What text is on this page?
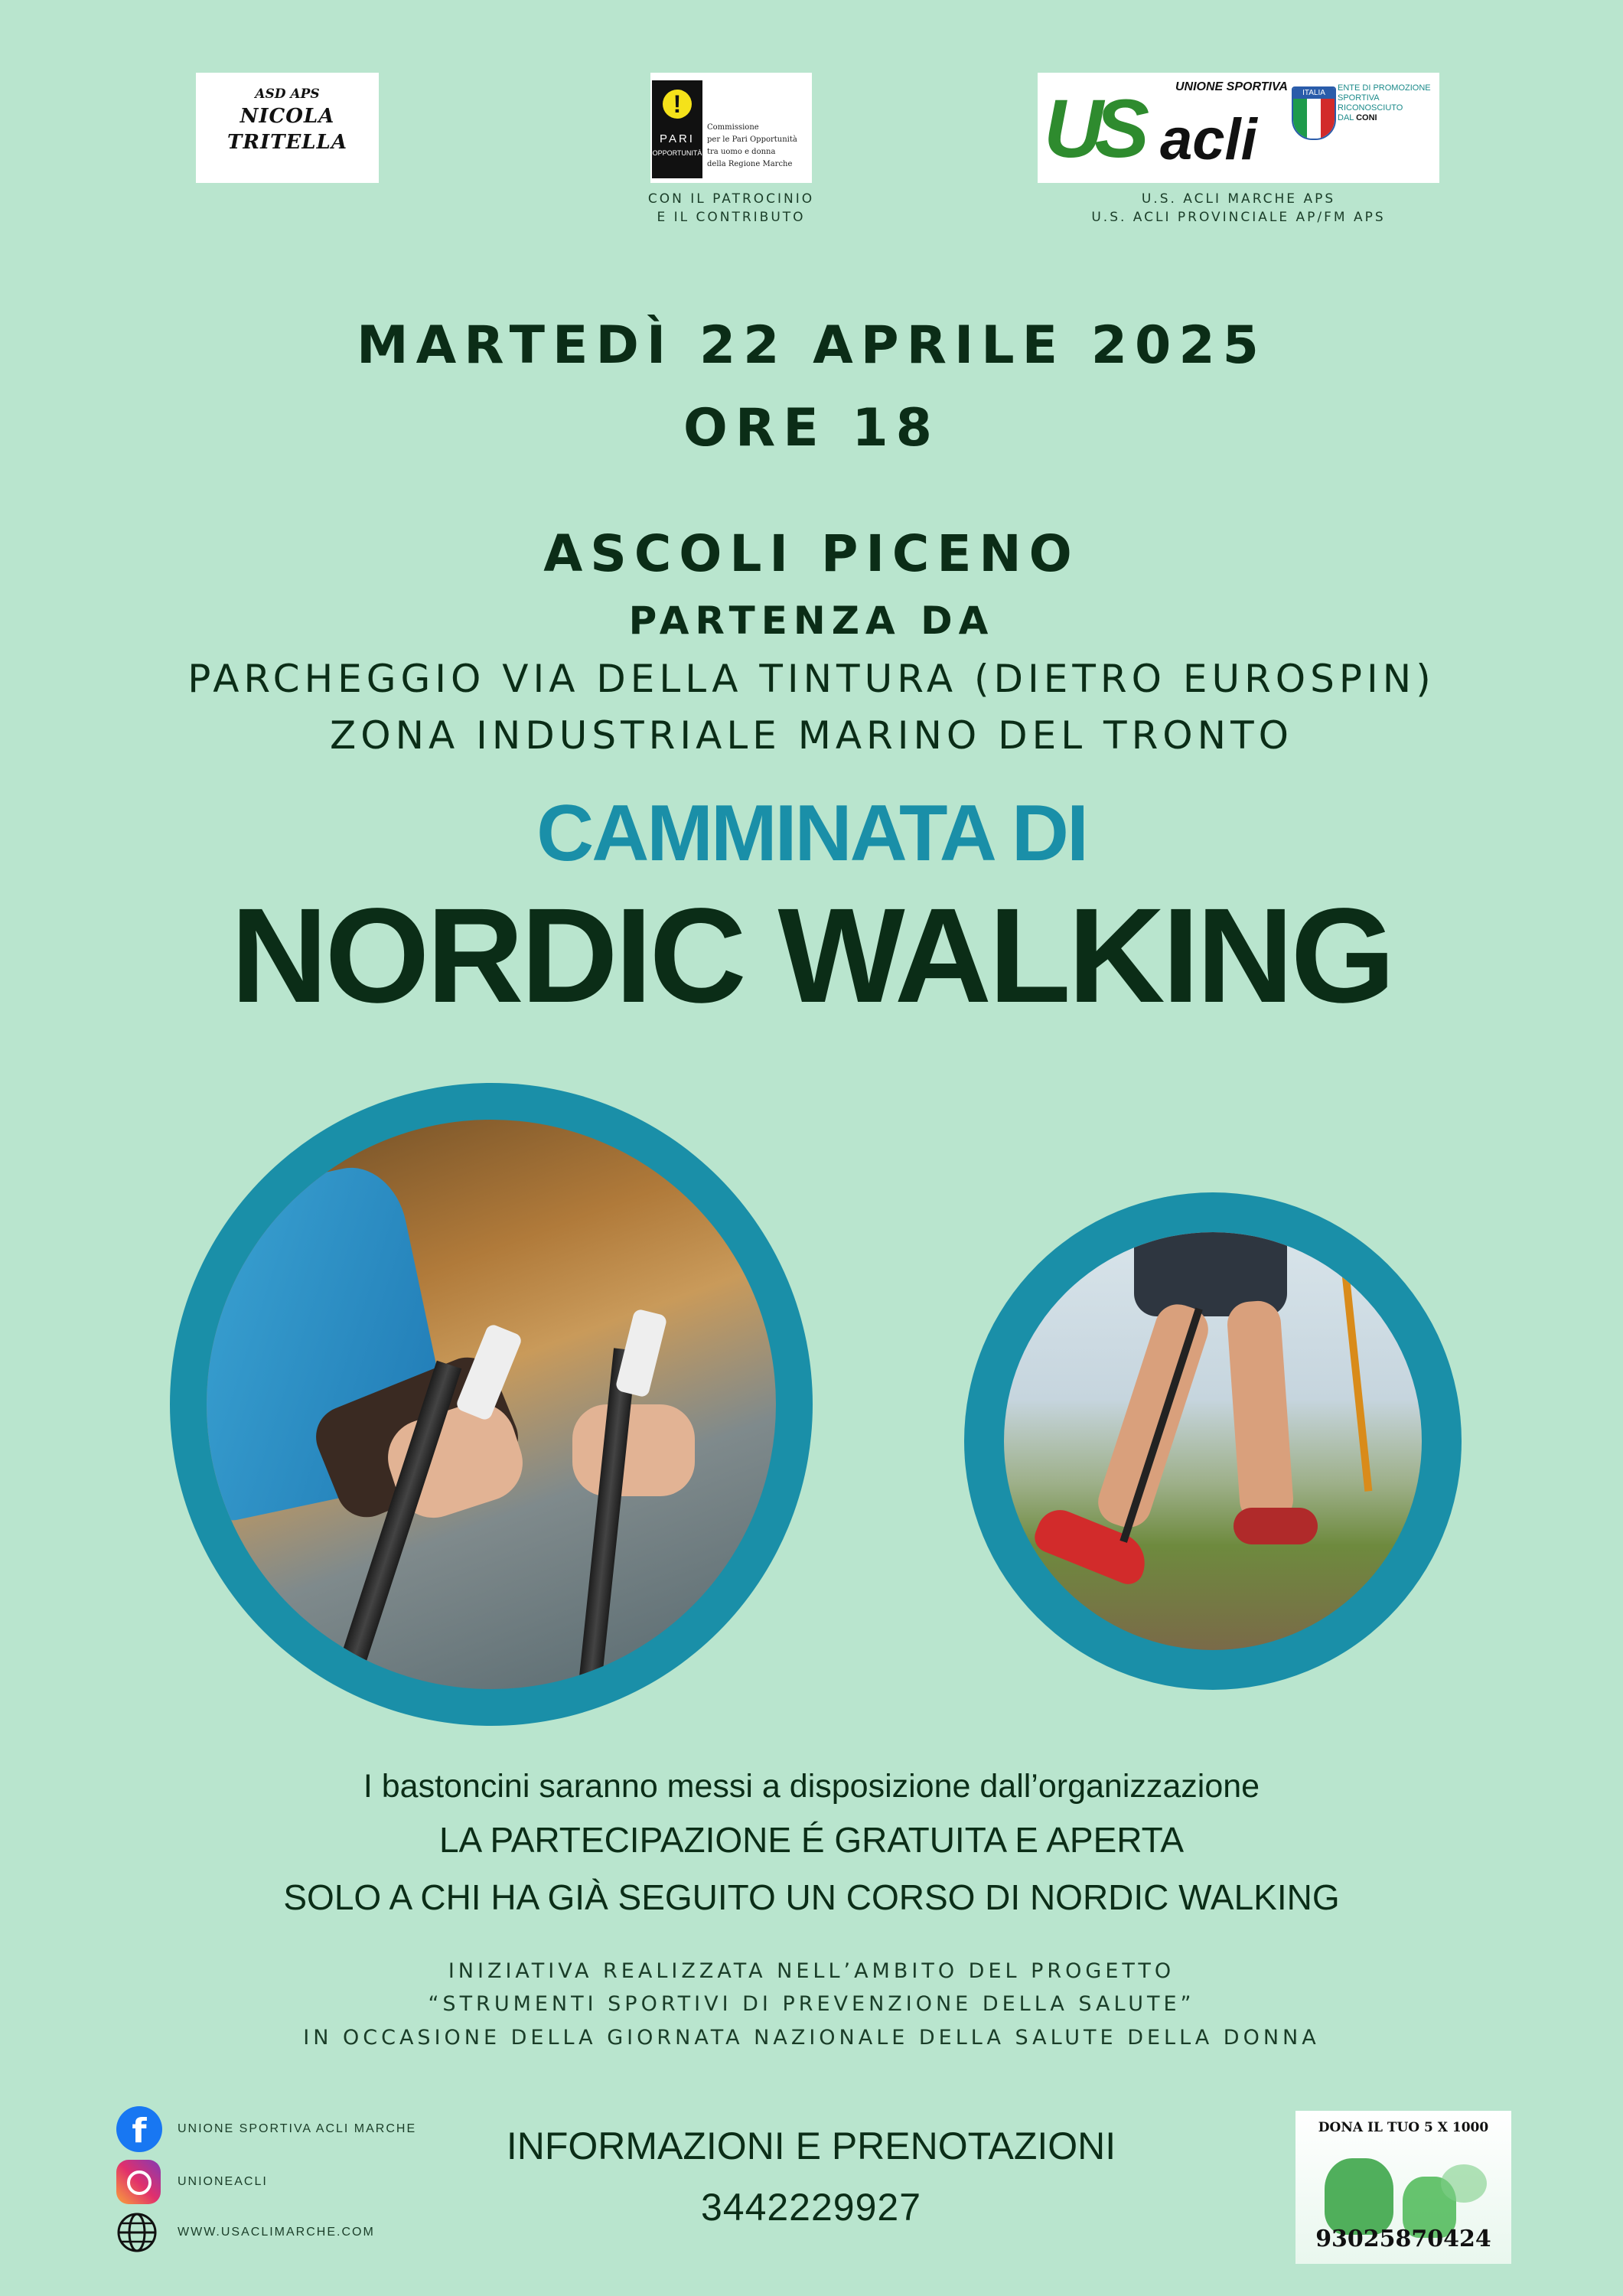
ASD APS
NICOLA
TRITELLA
!
PARI
OPPORTUNITÀ
Commissione
per le Pari Opportunità
tra uomo e donna
della Regione Marche
CON IL PATROCINIO
E IL CONTRIBUTO
UNIONE SPORTIVA
US acli
ITALIA
ENTE DI PROMOZIONE
SPORTIVA
RICONOSCIUTO
DAL CONI
U.S. ACLI MARCHE APS
U.S. ACLI PROVINCIALE AP/FM APS
MARTEDÌ 22 APRILE 2025
ORE 18
ASCOLI PICENO
PARTENZA DA
PARCHEGGIO VIA DELLA TINTURA (DIETRO EUROSPIN)
ZONA INDUSTRIALE MARINO DEL TRONTO
CAMMINATA DI
NORDIC WALKING
I bastoncini saranno messi a disposizione dall’organizzazione
LA PARTECIPAZIONE É GRATUITA E APERTA
SOLO A CHI HA GIÀ SEGUITO UN CORSO DI NORDIC WALKING
INIZIATIVA REALIZZATA NELL’AMBITO DEL PROGETTO
“STRUMENTI SPORTIVI DI PREVENZIONE DELLA SALUTE”
IN OCCASIONE DELLA GIORNATA NAZIONALE DELLA SALUTE DELLA DONNA
f	UNIONE SPORTIVA ACLI MARCHE
UNIONEACLI
WWW.USACLIMARCHE.COM
INFORMAZIONI E PRENOTAZIONI
3442229927
DONA IL TUO 5 X 1000
93025870424
